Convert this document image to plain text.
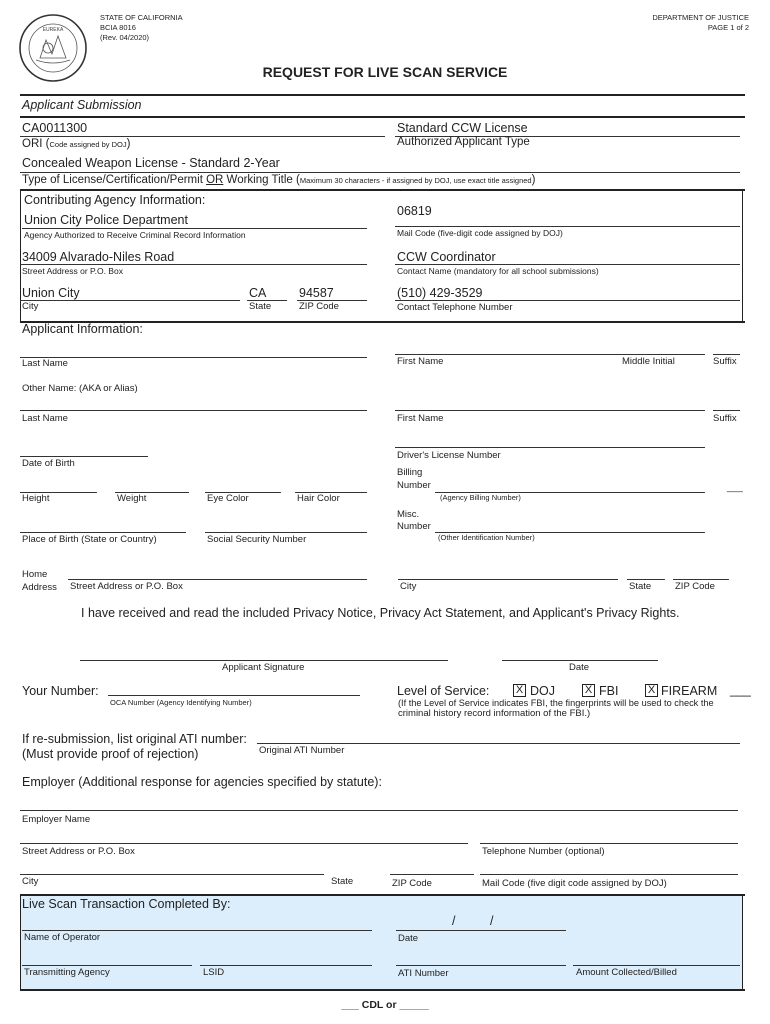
EUREKA
STATE OF CALIFORNIA
BCIA 8016
(Rev. 04/2020)
DEPARTMENT OF JUSTICE
PAGE 1 of 2
REQUEST FOR LIVE SCAN SERVICE
Applicant Submission
CA0011300
ORI (Code assigned by DOJ)
Standard CCW License
Authorized Applicant Type
Concealed Weapon License - Standard 2-Year
Type of License/Certification/Permit OR Working Title (Maximum 30 characters - if assigned by DOJ, use exact title assigned)
Contributing Agency Information:
Union City Police Department
Agency Authorized to Receive Criminal Record Information
06819
Mail Code (five-digit code assigned by DOJ)
34009 Alvarado-Niles Road
Street Address or P.O. Box
CCW Coordinator
Contact Name (mandatory for all school submissions)
Union City
City
CA
State
94587
ZIP Code
(510) 429-3529
Contact Telephone Number
Applicant Information:
Last Name	First Name	Middle Initial	Suffix
Other Name: (AKA or Alias)
Last Name	First Name	Suffix
Date of Birth
Driver's License Number
Billing
Number
(Agency Billing Number)
___
Height	Weight	Eye Color	Hair Color
Misc.
Number
(Other Identification Number)
Place of Birth (State or Country)	Social Security Number
Home
Address Street Address or P.O. Box	City	State	ZIP Code
I have received and read the included Privacy Notice, Privacy Act Statement, and Applicant's Privacy Rights.
Applicant Signature	Date
Your Number:
OCA Number (Agency Identifying Number)
Level of Service: X DOJ	X FBI	X FIREARM ___
(If the Level of Service indicates FBI, the fingerprints will be used to check the
criminal history record information of the FBI.)
If re-submission, list original ATI number:
(Must provide proof of rejection)	Original ATI Number
Employer (Additional response for agencies specified by statute):
Employer Name
Street Address or P.O. Box	Telephone Number (optional)
City	State	ZIP Code	Mail Code (five digit code assigned by DOJ)
Live Scan Transaction Completed By:
Name of Operator
/	/
Date
Transmitting Agency	LSID	ATI Number	Amount Collected/Billed
___ CDL or _____
